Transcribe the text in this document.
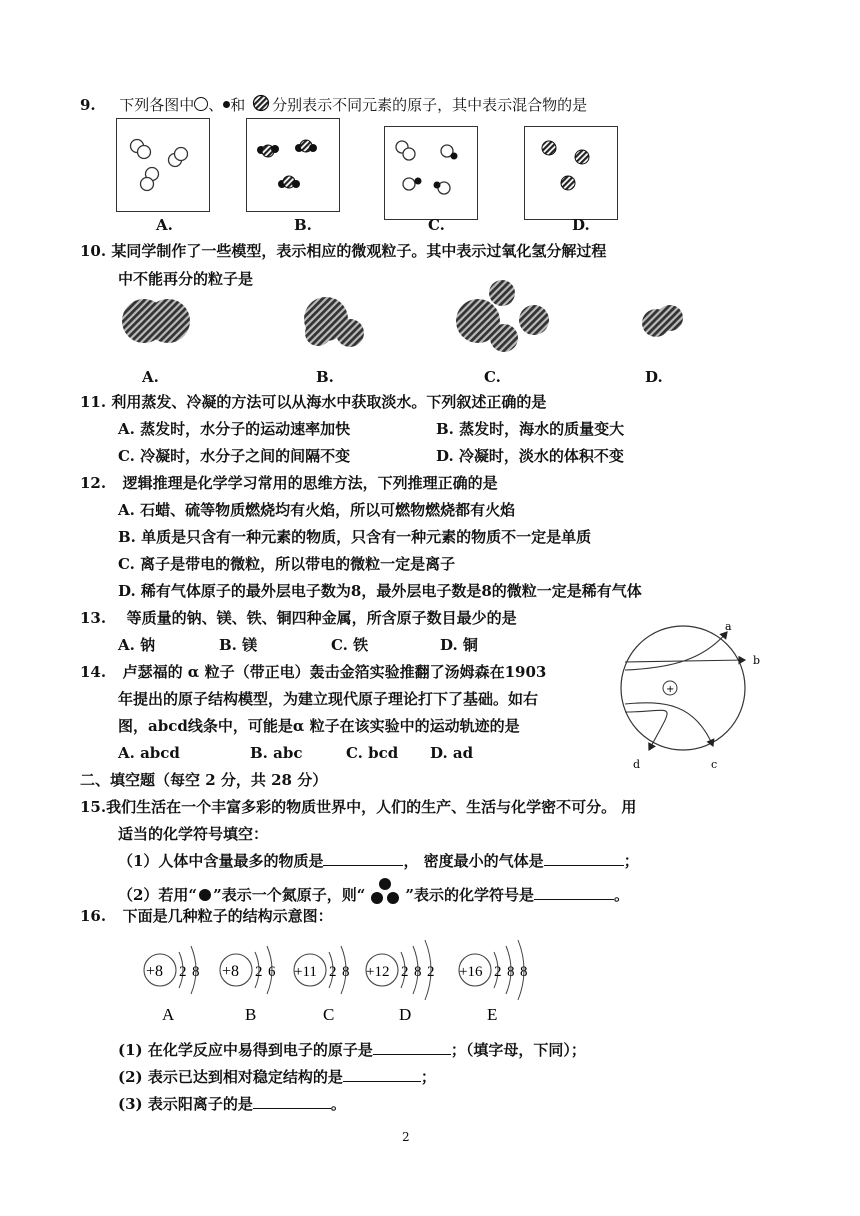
9. 下列各图中 、 和 分别表示不同元素的原子，其中表示混合物的是
A.	B.	C.	D.
10. 某同学制作了一些模型，表示相应的微观粒子。其中表示过氧化氢分解过程
中不能再分的粒子是
A.	B.	C.	D.
11. 利用蒸发、冷凝的方法可以从海水中获取淡水。下列叙述正确的是
A. 蒸发时，水分子的运动速率加快	B. 蒸发时，海水的质量变大
C. 冷凝时，水分子之间的间隔不变	D. 冷凝时，淡水的体积不变
12. 逻辑推理是化学学习常用的思维方法，下列推理正确的是
A. 石蜡、硫等物质燃烧均有火焰，所以可燃物燃烧都有火焰
B. 单质是只含有一种元素的物质，只含有一种元素的物质不一定是单质
C. 离子是带电的微粒，所以带电的微粒一定是离子
D. 稀有气体原子的最外层电子数为8，最外层电子数是8的微粒一定是稀有气体
13. 等质量的钠、镁、铁、铜四种金属，所含原子数目最少的是
A. 钠	B. 镁	C. 铁	D. 铜
14. 卢瑟福的 α 粒子（带正电）轰击金箔实验推翻了汤姆森在1903
年提出的原子结构模型，为建立现代原子理论打下了基础。如右
图，abcd线条中，可能是α 粒子在该实验中的运动轨迹的是
A. abcd	B. abc	C. bcd D. ad
+
a
b
c
d
二、填空题（每空 2 分，共 28 分）
15.我们生活在一个丰富多彩的物质世界中，人们的生产、生活与化学密不可分。 用
适当的化学符号填空：
（1）人体中含量最多的物质是	， 密度最小的气体是	；
（2）若用“ ”表示一个氮原子，则“	”表示的化学符号是	。
16. 下面是几种粒子的结构示意图：
+8 2 8
A
+8 2 6
B
+11 2 8
C
+12 2 8 2
D
+16 2 8 8
E
(1) 在化学反应中易得到电子的原子是	；（填字母，下同）；
(2) 表示已达到相对稳定结构的是	；
(3) 表示阳离子的是	。
2
